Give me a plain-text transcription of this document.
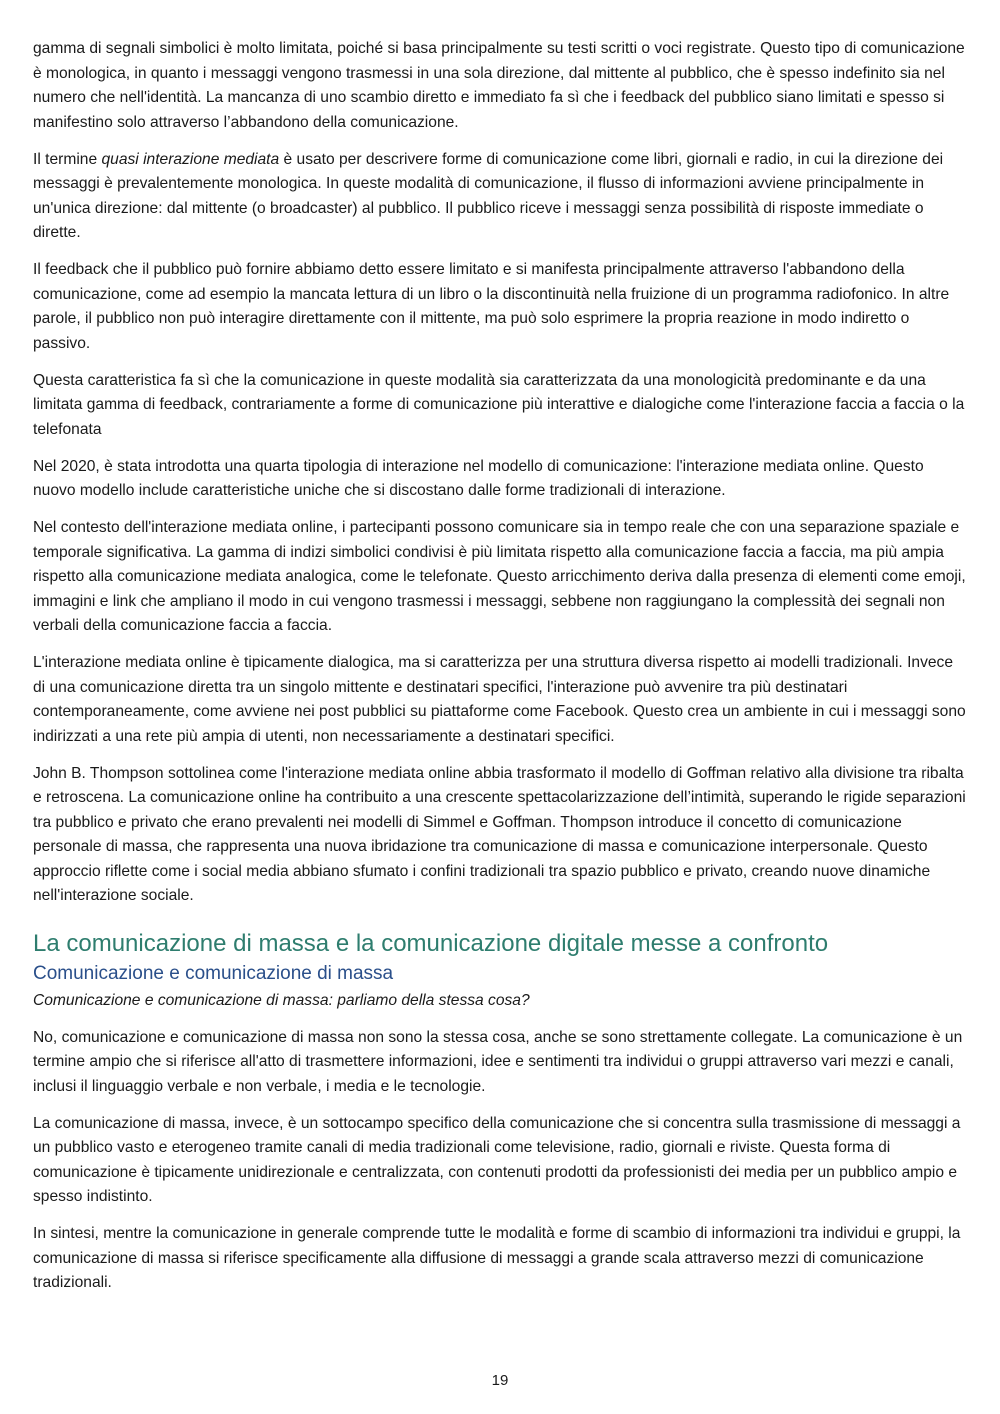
gamma di segnali simbolici è molto limitata, poiché si basa principalmente su testi scritti o voci registrate. Questo tipo di comunicazione è monologica, in quanto i messaggi vengono trasmessi in una sola direzione, dal mittente al pubblico, che è spesso indefinito sia nel numero che nell'identità. La mancanza di uno scambio diretto e immediato fa sì che i feedback del pubblico siano limitati e spesso si manifestino solo attraverso l’abbandono della comunicazione.

Il termine quasi interazione mediata è usato per descrivere forme di comunicazione come libri, giornali e radio, in cui la direzione dei messaggi è prevalentemente monologica. In queste modalità di comunicazione, il flusso di informazioni avviene principalmente in un'unica direzione: dal mittente (o broadcaster) al pubblico. Il pubblico riceve i messaggi senza possibilità di risposte immediate o dirette.

Il feedback che il pubblico può fornire abbiamo detto essere limitato e si manifesta principalmente attraverso l'abbandono della comunicazione, come ad esempio la mancata lettura di un libro o la discontinuità nella fruizione di un programma radiofonico. In altre parole, il pubblico non può interagire direttamente con il mittente, ma può solo esprimere la propria reazione in modo indiretto o passivo.

Questa caratteristica fa sì che la comunicazione in queste modalità sia caratterizzata da una monologicità predominante e da una limitata gamma di feedback, contrariamente a forme di comunicazione più interattive e dialogiche come l'interazione faccia a faccia o la telefonata

Nel 2020, è stata introdotta una quarta tipologia di interazione nel modello di comunicazione: l'interazione mediata online. Questo nuovo modello include caratteristiche uniche che si discostano dalle forme tradizionali di interazione.

Nel contesto dell'interazione mediata online, i partecipanti possono comunicare sia in tempo reale che con una separazione spaziale e temporale significativa. La gamma di indizi simbolici condivisi è più limitata rispetto alla comunicazione faccia a faccia, ma più ampia rispetto alla comunicazione mediata analogica, come le telefonate. Questo arricchimento deriva dalla presenza di elementi come emoji, immagini e link che ampliano il modo in cui vengono trasmessi i messaggi, sebbene non raggiungano la complessità dei segnali non verbali della comunicazione faccia a faccia.

L'interazione mediata online è tipicamente dialogica, ma si caratterizza per una struttura diversa rispetto ai modelli tradizionali. Invece di una comunicazione diretta tra un singolo mittente e destinatari specifici, l'interazione può avvenire tra più destinatari contemporaneamente, come avviene nei post pubblici su piattaforme come Facebook. Questo crea un ambiente in cui i messaggi sono indirizzati a una rete più ampia di utenti, non necessariamente a destinatari specifici.

John B. Thompson sottolinea come l'interazione mediata online abbia trasformato il modello di Goffman relativo alla divisione tra ribalta e retroscena. La comunicazione online ha contribuito a una crescente spettacolarizzazione dell’intimità, superando le rigide separazioni tra pubblico e privato che erano prevalenti nei modelli di Simmel e Goffman. Thompson introduce il concetto di comunicazione personale di massa, che rappresenta una nuova ibridazione tra comunicazione di massa e comunicazione interpersonale. Questo approccio riflette come i social media abbiano sfumato i confini tradizionali tra spazio pubblico e privato, creando nuove dinamiche nell'interazione sociale.

La comunicazione di massa e la comunicazione digitale messe a confronto
Comunicazione e comunicazione di massa

Comunicazione e comunicazione di massa: parliamo della stessa cosa?

No, comunicazione e comunicazione di massa non sono la stessa cosa, anche se sono strettamente collegate. La comunicazione è un termine ampio che si riferisce all'atto di trasmettere informazioni, idee e sentimenti tra individui o gruppi attraverso vari mezzi e canali, inclusi il linguaggio verbale e non verbale, i media e le tecnologie.

La comunicazione di massa, invece, è un sottocampo specifico della comunicazione che si concentra sulla trasmissione di messaggi a un pubblico vasto e eterogeneo tramite canali di media tradizionali come televisione, radio, giornali e riviste. Questa forma di comunicazione è tipicamente unidirezionale e centralizzata, con contenuti prodotti da professionisti dei media per un pubblico ampio e spesso indistinto.

In sintesi, mentre la comunicazione in generale comprende tutte le modalità e forme di scambio di informazioni tra individui e gruppi, la comunicazione di massa si riferisce specificamente alla diffusione di messaggi a grande scala attraverso mezzi di comunicazione tradizionali.

19
